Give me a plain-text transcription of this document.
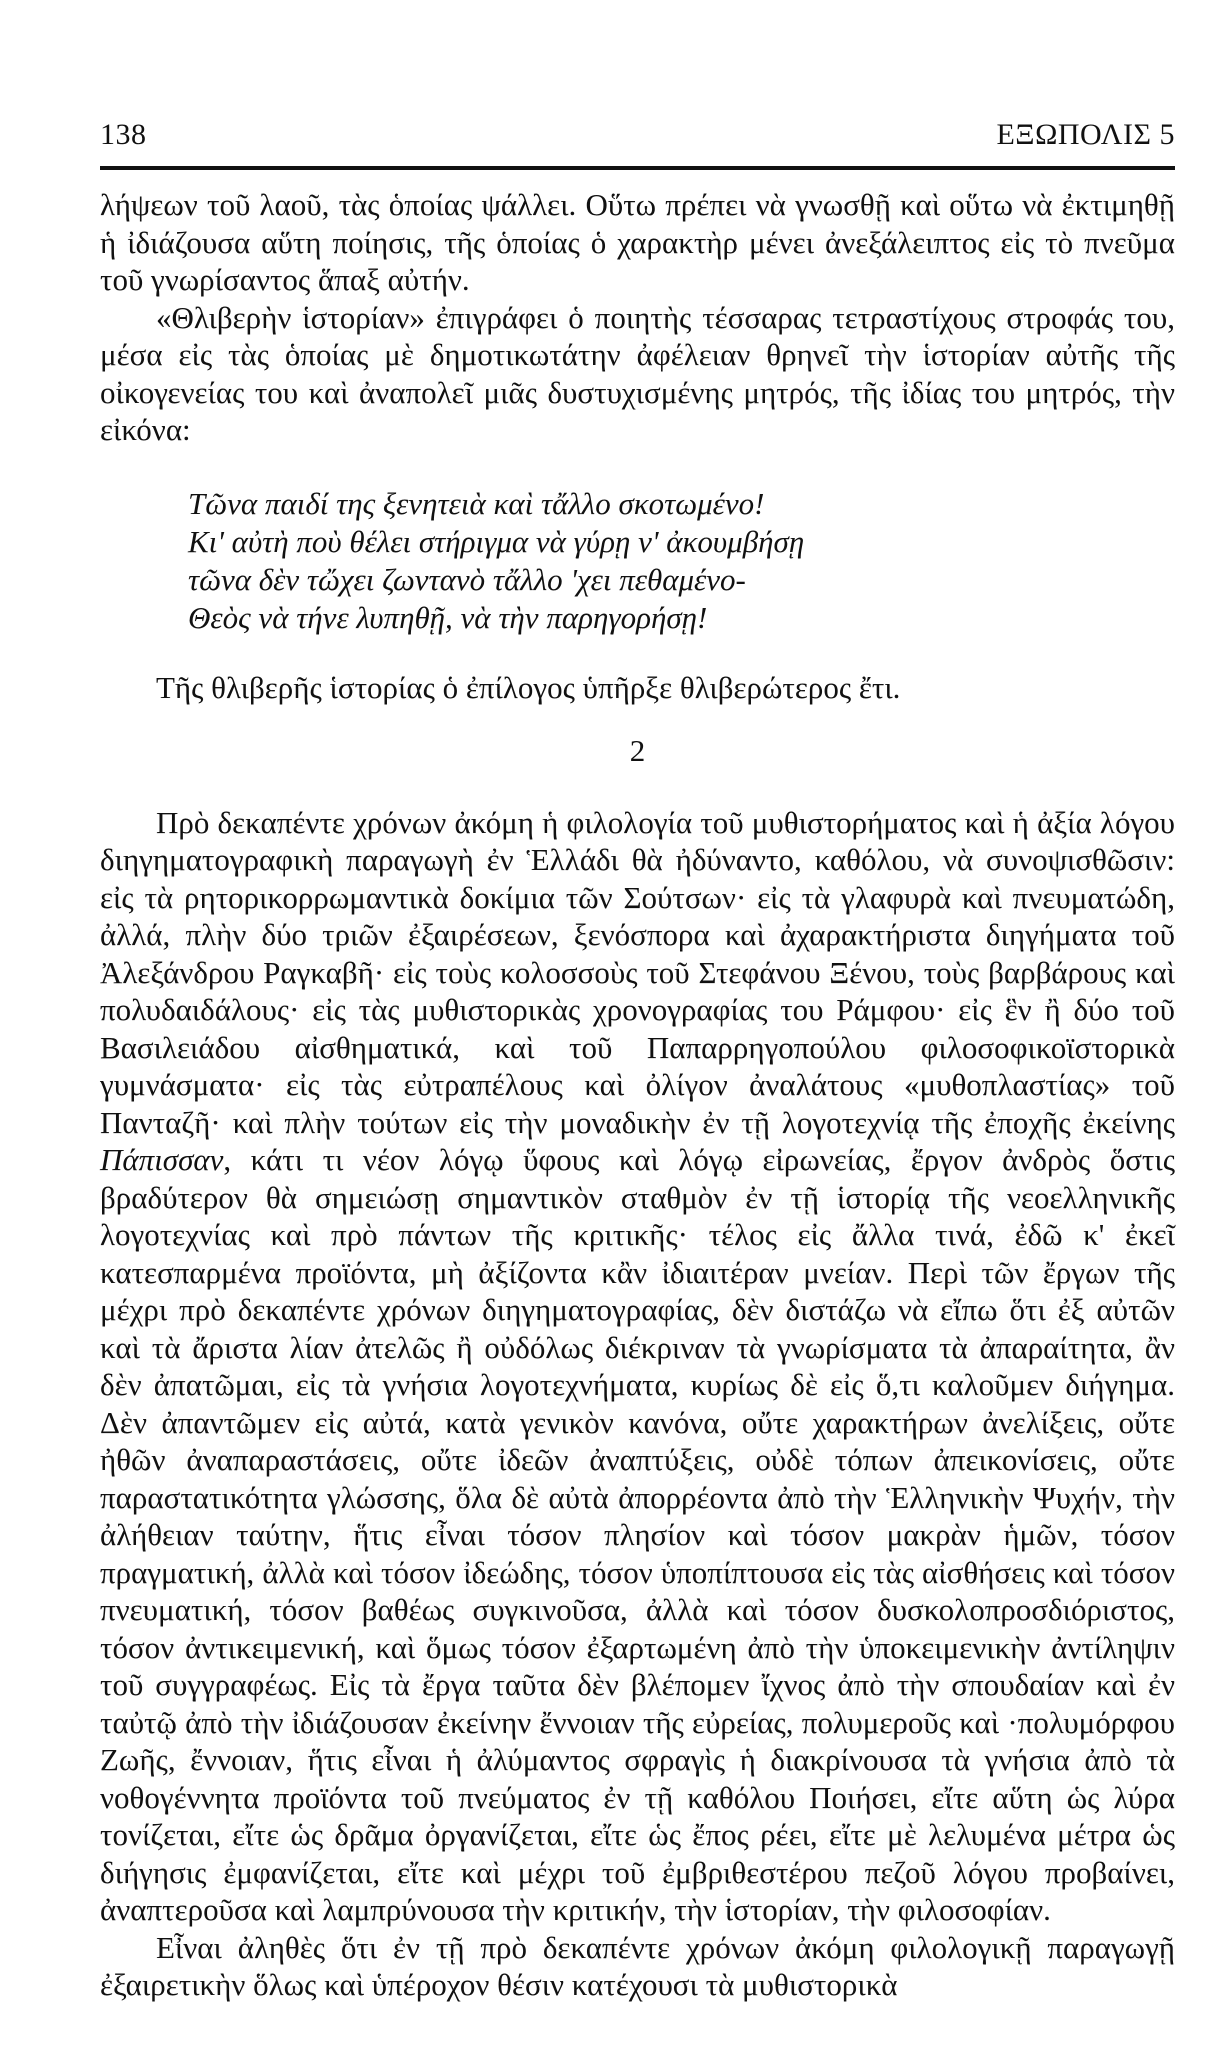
138	ΕΞΩΠΟΛΙΣ 5

λήψεων τοῦ λαοῦ, τὰς ὁποίας ψάλλει. Οὕτω πρέπει νὰ γνωσθῇ καὶ οὕτω νὰ ἐκτιμηθῇ ἡ ἰδιάζουσα αὕτη ποίησις, τῆς ὁποίας ὁ χαρακτὴρ μένει ἀνεξάλειπτος εἰς τὸ πνεῦμα τοῦ γνωρίσαντος ἅπαξ αὐτήν.

«Θλιβερὴν ἱστορίαν» ἐπιγράφει ὁ ποιητὴς τέσσαρας τετραστίχους στροφάς του, μέσα εἰς τὰς ὁποίας μὲ δημοτικωτάτην ἀφέλειαν θρηνεῖ τὴν ἱστορίαν αὐτῆς τῆς οἰκογενείας του καὶ ἀναπολεῖ μιᾶς δυστυχισμένης μητρός, τῆς ἰδίας του μητρός, τὴν εἰκόνα:

Τῶνα παιδί της ξενητειὰ καὶ τἄλλο σκοτωμένο!
Κι' αὐτὴ ποὺ θέλει στήριγμα νὰ γύρῃ ν' ἀκουμβήσῃ
τῶνα δὲν τὤχει ζωντανὸ τἄλλο 'χει πεθαμένο-
Θεὸς νὰ τήνε λυπηθῇ, νὰ τὴν παρηγορήσῃ!

Τῆς θλιβερῆς ἱστορίας ὁ ἐπίλογος ὑπῆρξε θλιβερώτερος ἔτι.

2

Πρὸ δεκαπέντε χρόνων ἀκόμη ἡ φιλολογία τοῦ μυθιστορήματος καὶ ἡ ἀξία λόγου διηγηματογραφικὴ παραγωγὴ ἐν Ἑλλάδι θὰ ἠδύναντο, καθόλου, νὰ συνοψισθῶσιν: εἰς τὰ ρητορικορρωμαντικὰ δοκίμια τῶν Σούτσων· εἰς τὰ γλαφυρὰ καὶ πνευματώδη, ἀλλά, πλὴν δύο τριῶν ἐξαιρέσεων, ξενόσπορα καὶ ἀχαρακτήριστα διηγήματα τοῦ Ἀλεξάνδρου Ραγκαβῆ· εἰς τοὺς κολοσσοὺς τοῦ Στεφάνου Ξένου, τοὺς βαρβάρους καὶ πολυδαιδάλους· εἰς τὰς μυθιστορικὰς χρονογραφίας του Ράμφου· εἰς ἓν ἢ δύο τοῦ Βασιλειάδου αἰσθηματικά, καὶ τοῦ Παπαρρηγοπούλου φιλοσοφικοϊστορικὰ γυμνάσματα· εἰς τὰς εὐτραπέλους καὶ ὀλίγον ἀναλάτους «μυθοπλαστίας» τοῦ Πανταζῆ· καὶ πλὴν τούτων εἰς τὴν μοναδικὴν ἐν τῇ λογοτεχνίᾳ τῆς ἐποχῆς ἐκείνης Πάπισσαν, κάτι τι νέον λόγῳ ὕφους καὶ λόγῳ εἰρωνείας, ἔργον ἀνδρὸς ὅστις βραδύτερον θὰ σημειώσῃ σημαντικὸν σταθμὸν ἐν τῇ ἱστορίᾳ τῆς νεοελληνικῆς λογοτεχνίας καὶ πρὸ πάντων τῆς κριτικῆς· τέλος εἰς ἄλλα τινά, ἐδῶ κ' ἐκεῖ κατεσπαρμένα προϊόντα, μὴ ἀξίζοντα κἂν ἰδιαιτέραν μνείαν. Περὶ τῶν ἔργων τῆς μέχρι πρὸ δεκαπέντε χρόνων διηγηματογραφίας, δὲν διστάζω νὰ εἴπω ὅτι ἐξ αὐτῶν καὶ τὰ ἄριστα λίαν ἀτελῶς ἢ οὐδόλως διέκριναν τὰ γνωρίσματα τὰ ἀπαραίτητα, ἂν δὲν ἀπατῶμαι, εἰς τὰ γνήσια λογοτεχνήματα, κυρίως δὲ εἰς ὅ,τι καλοῦμεν διήγημα. Δὲν ἀπαντῶμεν εἰς αὐτά, κατὰ γενικὸν κανόνα, οὔτε χαρακτήρων ἀνελίξεις, οὔτε ἠθῶν ἀναπαραστάσεις, οὔτε ἰδεῶν ἀναπτύξεις, οὐδὲ τόπων ἀπεικονίσεις, οὔτε παραστατικότητα γλώσσης, ὅλα δὲ αὐτὰ ἀπορρέοντα ἀπὸ τὴν Ἑλληνικὴν Ψυχήν, τὴν ἀλήθειαν ταύτην, ἥτις εἶναι τόσον πλησίον καὶ τόσον μακρὰν ἡμῶν, τόσον πραγματική, ἀλλὰ καὶ τόσον ἰδεώδης, τόσον ὑποπίπτουσα εἰς τὰς αἰσθήσεις καὶ τόσον πνευματική, τόσον βαθέως συγκινοῦσα, ἀλλὰ καὶ τόσον δυσκολοπροσδιόριστος, τόσον ἀντικειμενική, καὶ ὅμως τόσον ἐξαρτωμένη ἀπὸ τὴν ὑποκειμενικὴν ἀντίληψιν τοῦ συγγραφέως. Εἰς τὰ ἔργα ταῦτα δὲν βλέπομεν ἴχνος ἀπὸ τὴν σπουδαίαν καὶ ἐν ταὐτῷ ἀπὸ τὴν ἰδιάζουσαν ἐκείνην ἔννοιαν τῆς εὐρείας, πολυμεροῦς καὶ ·πολυμόρφου Ζωῆς, ἔννοιαν, ἥτις εἶναι ἡ ἀλύμαντος σφραγὶς ἡ διακρίνουσα τὰ γνήσια ἀπὸ τὰ νοθογέννητα προϊόντα τοῦ πνεύματος ἐν τῇ καθόλου Ποιήσει, εἴτε αὕτη ὡς λύρα τονίζεται, εἴτε ὡς δρᾶμα ὀργανίζεται, εἴτε ὡς ἔπος ρέει, εἴτε μὲ λελυμένα μέτρα ὡς διήγησις ἐμφανίζεται, εἴτε καὶ μέχρι τοῦ ἐμβριθεστέρου πεζοῦ λόγου προβαίνει, ἀναπτεροῦσα καὶ λαμπρύνουσα τὴν κριτικήν, τὴν ἱστορίαν, τὴν φιλοσοφίαν.

Εἶναι ἀληθὲς ὅτι ἐν τῇ πρὸ δεκαπέντε χρόνων ἀκόμη φιλολογικῇ παραγωγῇ ἐξαιρετικὴν ὅλως καὶ ὑπέροχον θέσιν κατέχουσι τὰ μυθιστορικὰ
